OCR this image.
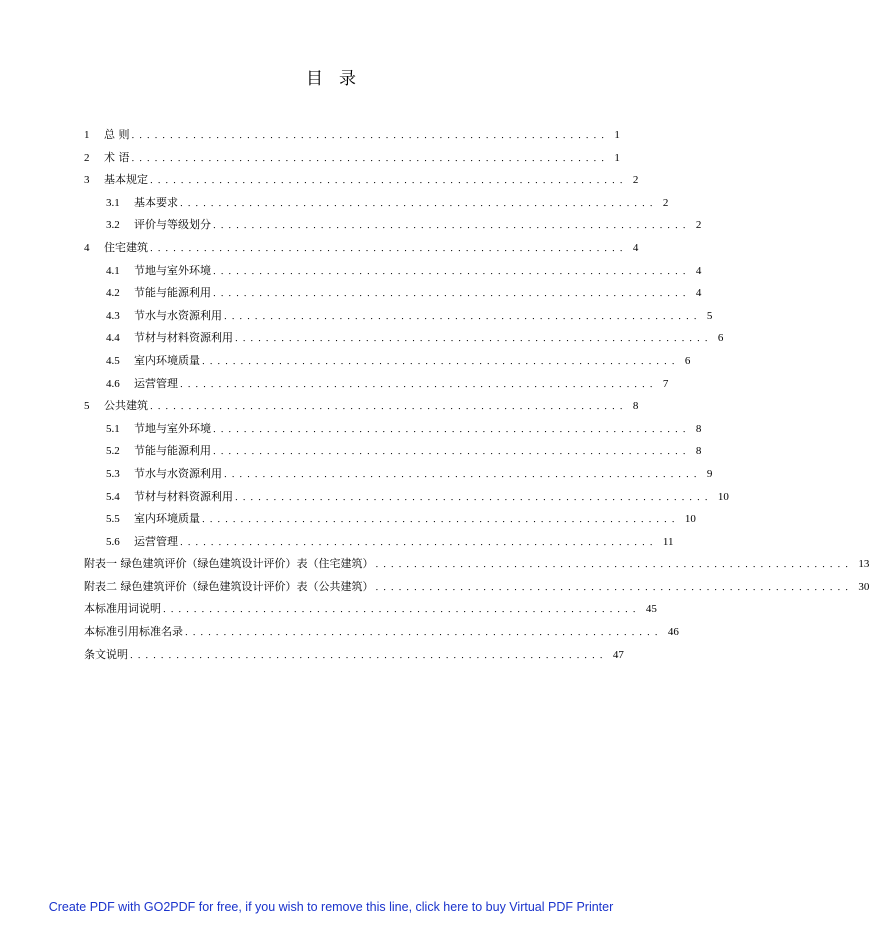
目 录
1	总 则 ．．．．．．．．．．．．．．．．．．．．．．．．．．．．．．．．．．．．．．．．．．．．．．．．．．．．．．．．．．．．．． 1
2	术 语 ．．．．．．．．．．．．．．．．．．．．．．．．．．．．．．．．．．．．．．．．．．．．．．．．．．．．．．．．．．．．．． 1
3	基本规定 ．．．．．．．．．．．．．．．．．．．．．．．．．．．．．．．．．．．．．．．．．．．．．．．．．．．．．．．．．．．．．． 2
3.1	基本要求 ．．．．．．．．．．．．．．．．．．．．．．．．．．．．．．．．．．．．．．．．．．．．．．．．．．．．．．．．．．．．．． 2
3.2	评价与等级划分 ．．．．．．．．．．．．．．．．．．．．．．．．．．．．．．．．．．．．．．．．．．．．．．．．．．．．．．．．．．．．．． 2
4	住宅建筑 ．．．．．．．．．．．．．．．．．．．．．．．．．．．．．．．．．．．．．．．．．．．．．．．．．．．．．．．．．．．．．． 4
4.1	节地与室外环境 ．．．．．．．．．．．．．．．．．．．．．．．．．．．．．．．．．．．．．．．．．．．．．．．．．．．．．．．．．．．．．． 4
4.2	节能与能源利用 ．．．．．．．．．．．．．．．．．．．．．．．．．．．．．．．．．．．．．．．．．．．．．．．．．．．．．．．．．．．．．． 4
4.3	节水与水资源利用 ．．．．．．．．．．．．．．．．．．．．．．．．．．．．．．．．．．．．．．．．．．．．．．．．．．．．．．．．．．．．．． 5
4.4	节材与材料资源利用 ．．．．．．．．．．．．．．．．．．．．．．．．．．．．．．．．．．．．．．．．．．．．．．．．．．．．．．．．．．．．．． 6
4.5	室内环境质量 ．．．．．．．．．．．．．．．．．．．．．．．．．．．．．．．．．．．．．．．．．．．．．．．．．．．．．．．．．．．．．． 6
4.6	运营管理 ．．．．．．．．．．．．．．．．．．．．．．．．．．．．．．．．．．．．．．．．．．．．．．．．．．．．．．．．．．．．．． 7
5	公共建筑 ．．．．．．．．．．．．．．．．．．．．．．．．．．．．．．．．．．．．．．．．．．．．．．．．．．．．．．．．．．．．．． 8
5.1	节地与室外环境 ．．．．．．．．．．．．．．．．．．．．．．．．．．．．．．．．．．．．．．．．．．．．．．．．．．．．．．．．．．．．．． 8
5.2	节能与能源利用 ．．．．．．．．．．．．．．．．．．．．．．．．．．．．．．．．．．．．．．．．．．．．．．．．．．．．．．．．．．．．．． 8
5.3	节水与水资源利用 ．．．．．．．．．．．．．．．．．．．．．．．．．．．．．．．．．．．．．．．．．．．．．．．．．．．．．．．．．．．．．． 9
5.4	节材与材料资源利用 ．．．．．．．．．．．．．．．．．．．．．．．．．．．．．．．．．．．．．．．．．．．．．．．．．．．．．．．．．．．．．． 10
5.5	室内环境质量 ．．．．．．．．．．．．．．．．．．．．．．．．．．．．．．．．．．．．．．．．．．．．．．．．．．．．．．．．．．．．．． 10
5.6	运营管理 ．．．．．．．．．．．．．．．．．．．．．．．．．．．．．．．．．．．．．．．．．．．．．．．．．．．．．．．．．．．．．． 11
附表一 绿色建筑评价（绿色建筑设计评价）表（住宅建筑） ．．．．．．．．．．．．．．．．．．．．．．．．．．．．．．．．．．．．．．．．．．．．．．．．．．．．．．．．．．．．．． 13
附表二 绿色建筑评价（绿色建筑设计评价）表（公共建筑） ．．．．．．．．．．．．．．．．．．．．．．．．．．．．．．．．．．．．．．．．．．．．．．．．．．．．．．．．．．．．．． 30
本标准用词说明 ．．．．．．．．．．．．．．．．．．．．．．．．．．．．．．．．．．．．．．．．．．．．．．．．．．．．．．．．．．．．．． 45
本标准引用标准名录 ．．．．．．．．．．．．．．．．．．．．．．．．．．．．．．．．．．．．．．．．．．．．．．．．．．．．．．．．．．．．．． 46
条文说明 ．．．．．．．．．．．．．．．．．．．．．．．．．．．．．．．．．．．．．．．．．．．．．．．．．．．．．．．．．．．．．． 47
Create PDF with GO2PDF for free, if you wish to remove this line, click here to buy Virtual PDF Printer
